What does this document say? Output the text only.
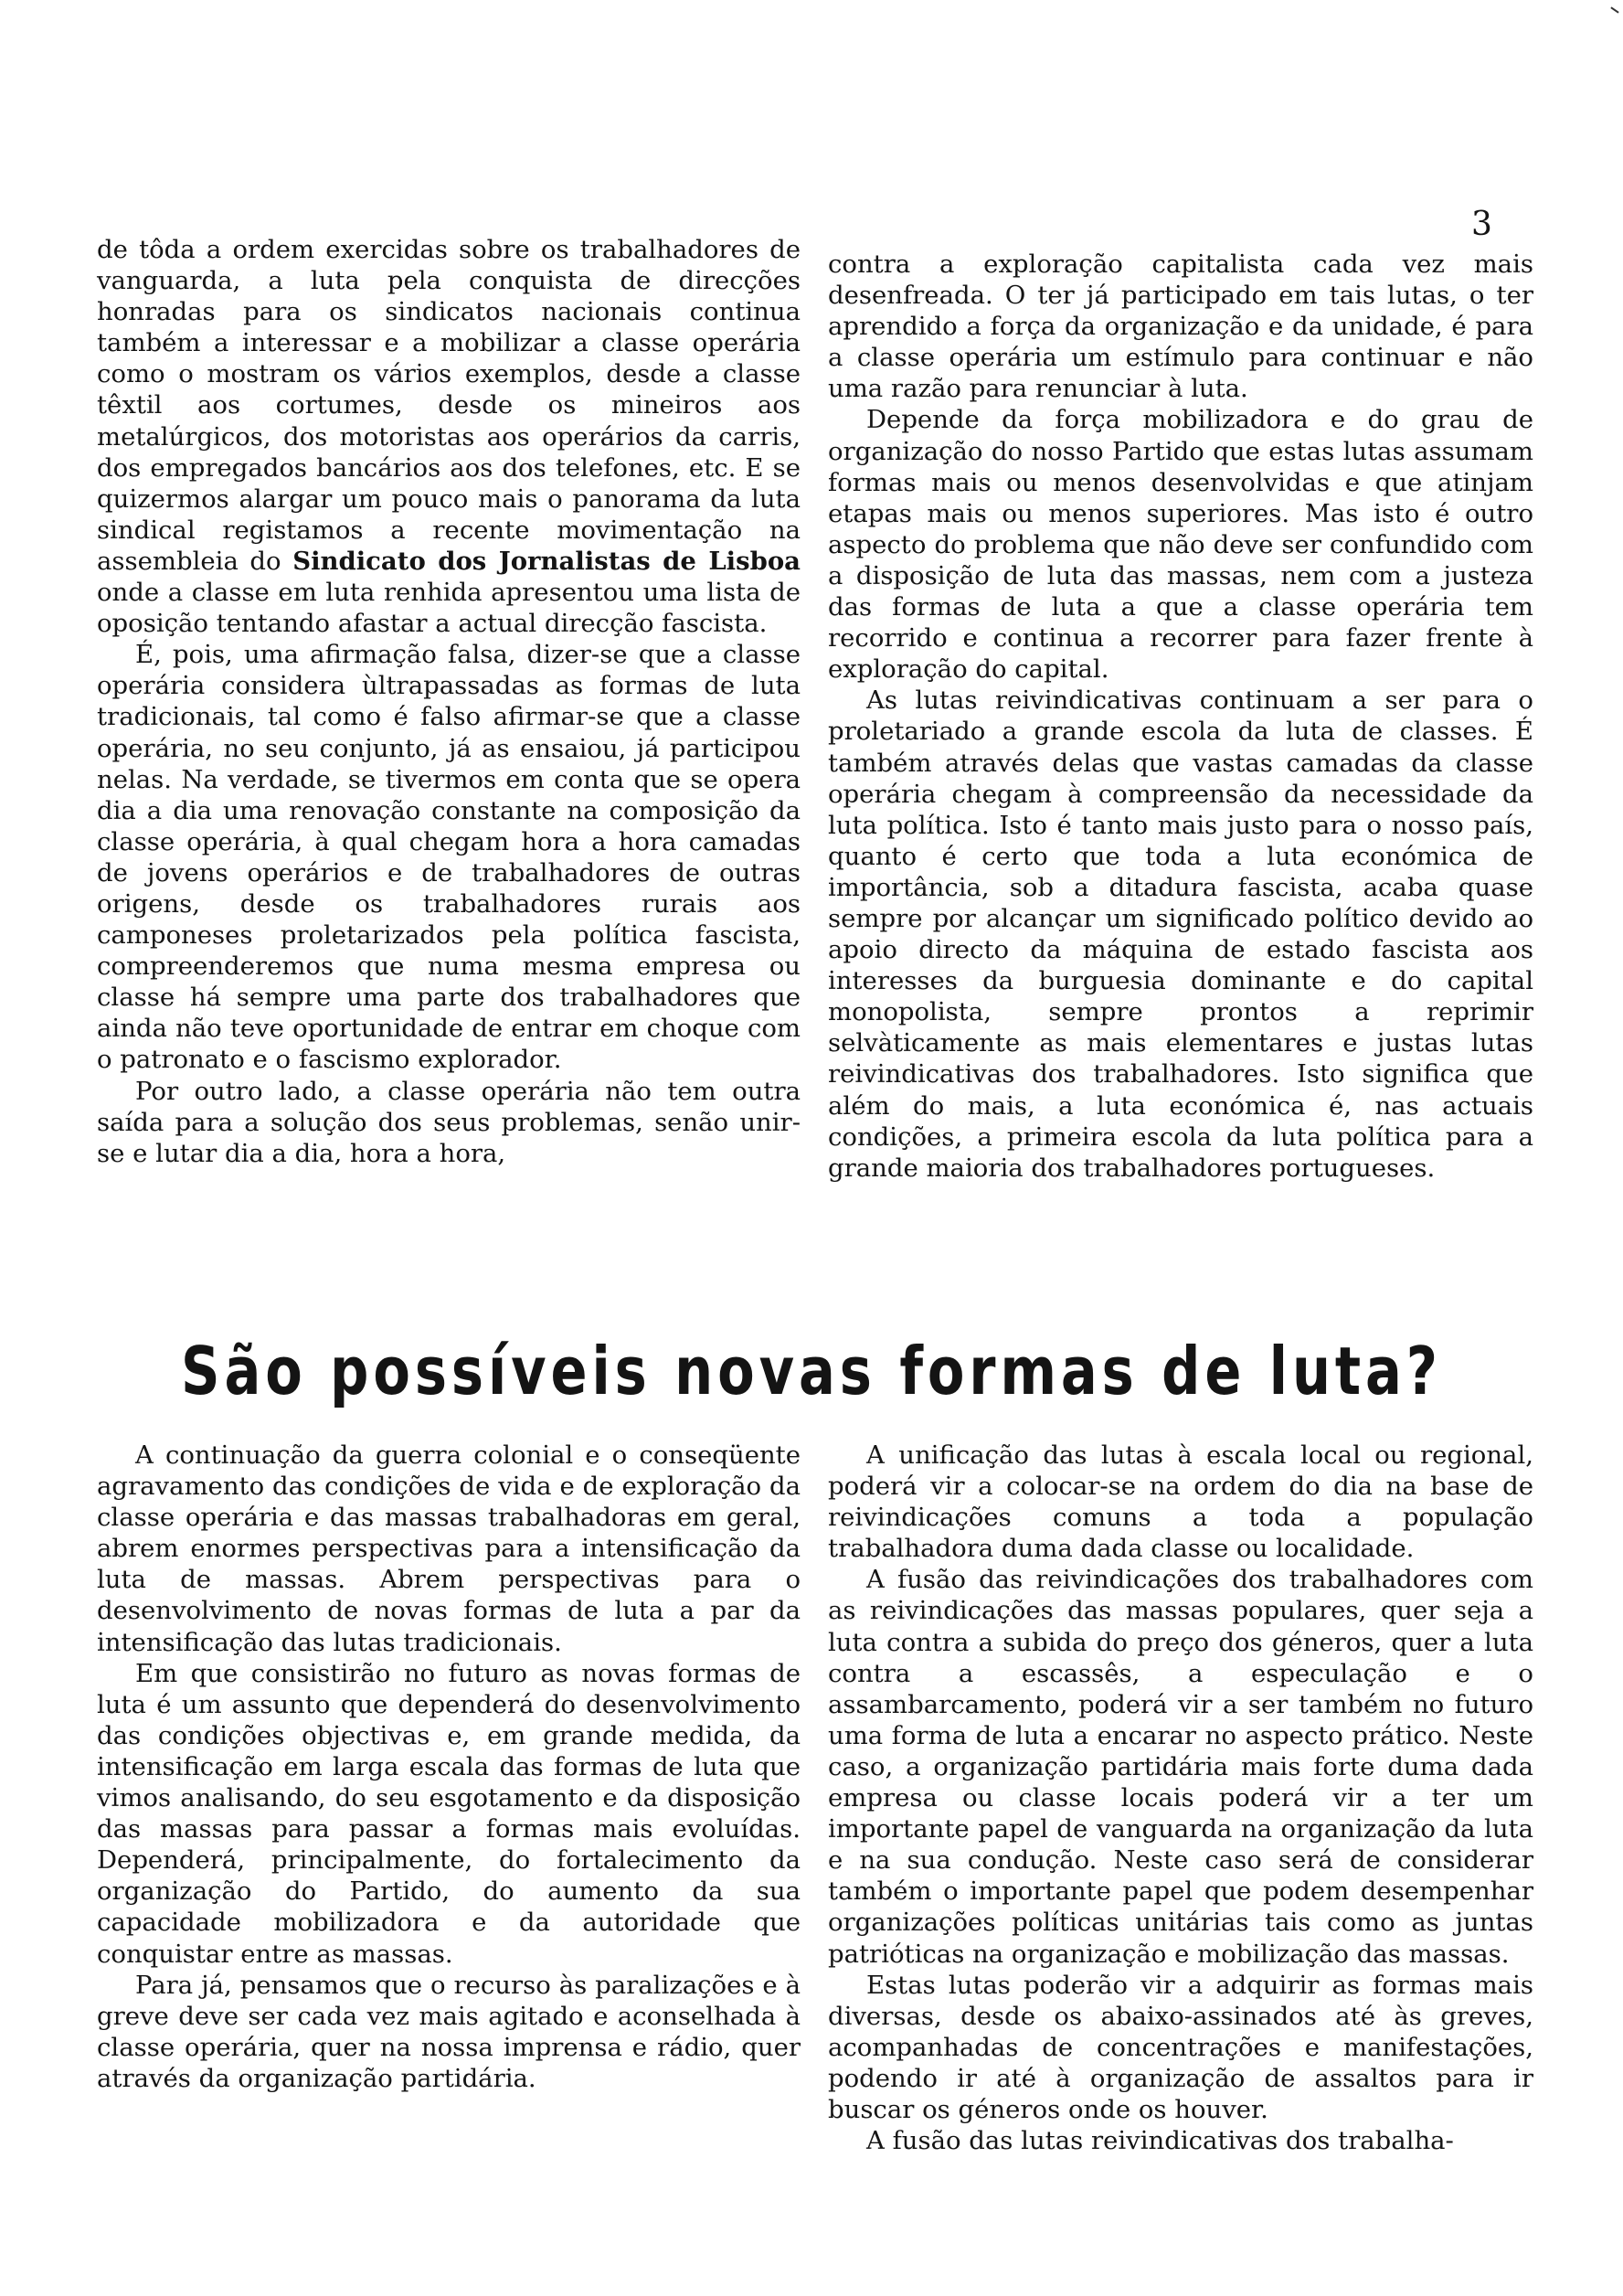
3

de tôda a ordem exercidas sobre os trabalhadores de vanguarda, a luta pela conquista de direcções honradas para os sindicatos nacionais continua também a interessar e a mobilizar a classe operária como o mostram os vários exemplos, desde a classe têxtil aos cortumes, desde os mineiros aos metalúrgicos, dos motoristas aos operários da carris, dos empregados bancários aos dos telefones, etc. E se quizermos alargar um pouco mais o panorama da luta sindical registamos a recente movimentação na assembleia do Sindicato dos Jornalistas de Lisboa onde a classe em luta renhida apresentou uma lista de oposição tentando afastar a actual direcção fascista.

É, pois, uma afirmação falsa, dizer-se que a classe operária considera ùltrapassadas as formas de luta tradicionais, tal como é falso afirmar-se que a classe operária, no seu conjunto, já as ensaiou, já participou nelas. Na verdade, se tivermos em conta que se opera dia a dia uma renovação constante na composição da classe operária, à qual chegam hora a hora camadas de jovens operários e de trabalhadores de outras origens, desde os trabalhadores rurais aos camponeses proletarizados pela política fascista, compreenderemos que numa mesma empresa ou classe há sempre uma parte dos trabalhadores que ainda não teve oportunidade de entrar em choque com o patronato e o fascismo explorador.

Por outro lado, a classe operária não tem outra saída para a solução dos seus problemas, senão unir-se e lutar dia a dia, hora a hora,

contra a exploração capitalista cada vez mais desenfreada. O ter já participado em tais lutas, o ter aprendido a força da organização e da unidade, é para a classe operária um estímulo para continuar e não uma razão para renunciar à luta.

Depende da força mobilizadora e do grau de organização do nosso Partido que estas lutas assumam formas mais ou menos desenvolvidas e que atinjam etapas mais ou menos superiores. Mas isto é outro aspecto do problema que não deve ser confundido com a disposição de luta das massas, nem com a justeza das formas de luta a que a classe operária tem recorrido e continua a recorrer para fazer frente à exploração do capital.

As lutas reivindicativas continuam a ser para o proletariado a grande escola da luta de classes. É também através delas que vastas camadas da classe operária chegam à compreensão da necessidade da luta política. Isto é tanto mais justo para o nosso país, quanto é certo que toda a luta económica de importância, sob a ditadura fascista, acaba quase sempre por alcançar um significado político devido ao apoio directo da máquina de estado fascista aos interesses da burguesia dominante e do capital monopolista, sempre prontos a reprimir selvàticamente as mais elementares e justas lutas reivindicativas dos trabalhadores. Isto significa que além do mais, a luta económica é, nas actuais condições, a primeira escola da luta política para a grande maioria dos trabalhadores portugueses.

São possíveis novas formas de luta?

A continuação da guerra colonial e o conseqüente agravamento das condições de vida e de exploração da classe operária e das massas trabalhadoras em geral, abrem enormes perspectivas para a intensificação da luta de massas. Abrem perspectivas para o desenvolvimento de novas formas de luta a par da intensificação das lutas tradicionais.

Em que consistirão no futuro as novas formas de luta é um assunto que dependerá do desenvolvimento das condições objectivas e, em grande medida, da intensificação em larga escala das formas de luta que vimos analisando, do seu esgotamento e da disposição das massas para passar a formas mais evoluídas. Dependerá, principalmente, do fortalecimento da organização do Partido, do aumento da sua capacidade mobilizadora e da autoridade que conquistar entre as massas.

Para já, pensamos que o recurso às paralizações e à greve deve ser cada vez mais agitado e aconselhada à classe operária, quer na nossa imprensa e rádio, quer através da organização partidária.

A unificação das lutas à escala local ou regional, poderá vir a colocar-se na ordem do dia na base de reivindicações comuns a toda a população trabalhadora duma dada classe ou localidade.

A fusão das reivindicações dos trabalhadores com as reivindicações das massas populares, quer seja a luta contra a subida do preço dos géneros, quer a luta contra a escassês, a especulação e o assambarcamento, poderá vir a ser também no futuro uma forma de luta a encarar no aspecto prático. Neste caso, a organização partidária mais forte duma dada empresa ou classe locais poderá vir a ter um importante papel de vanguarda na organização da luta e na sua condução. Neste caso será de considerar também o importante papel que podem desempenhar organizações políticas unitárias tais como as juntas patrióticas na organização e mobilização das massas.

Estas lutas poderão vir a adquirir as formas mais diversas, desde os abaixo-assinados até às greves, acompanhadas de concentrações e manifestações, podendo ir até à organização de assaltos para ir buscar os géneros onde os houver.

A fusão das lutas reivindicativas dos trabalha-
